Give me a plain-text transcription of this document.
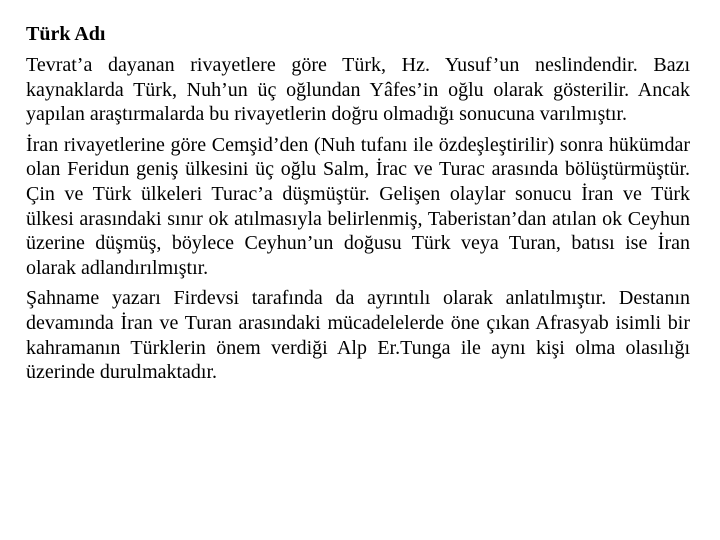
Türk Adı

Tevrat’a dayanan rivayetlere göre Türk, Hz. Yusuf’un neslindendir. Bazı kaynaklarda Türk, Nuh’un üç oğlundan Yâfes’in oğlu olarak gösterilir. Ancak yapılan araştırmalarda bu rivayetlerin doğru olmadığı sonucuna varılmıştır.

İran rivayetlerine göre Cemşid’den (Nuh tufanı ile özdeşleştirilir) sonra hükümdar olan Feridun geniş ülkesini üç oğlu Salm, İrac ve Turac arasında bölüştürmüştür. Çin ve Türk ülkeleri Turac’a düşmüştür. Gelişen olaylar sonucu İran ve Türk ülkesi arasındaki sınır ok atılmasıyla belirlenmiş, Taberistan’dan atılan ok Ceyhun üzerine düşmüş, böylece Ceyhun’un doğusu Türk veya Turan, batısı ise İran olarak adlandırılmıştır.

Şahname yazarı Firdevsi tarafında da ayrıntılı olarak anlatılmıştır. Destanın devamında İran ve Turan arasındaki mücadelelerde öne çıkan Afrasyab isimli bir kahramanın Türklerin önem verdiği Alp Er.Tunga ile aynı kişi olma olasılığı üzerinde durulmaktadır.
